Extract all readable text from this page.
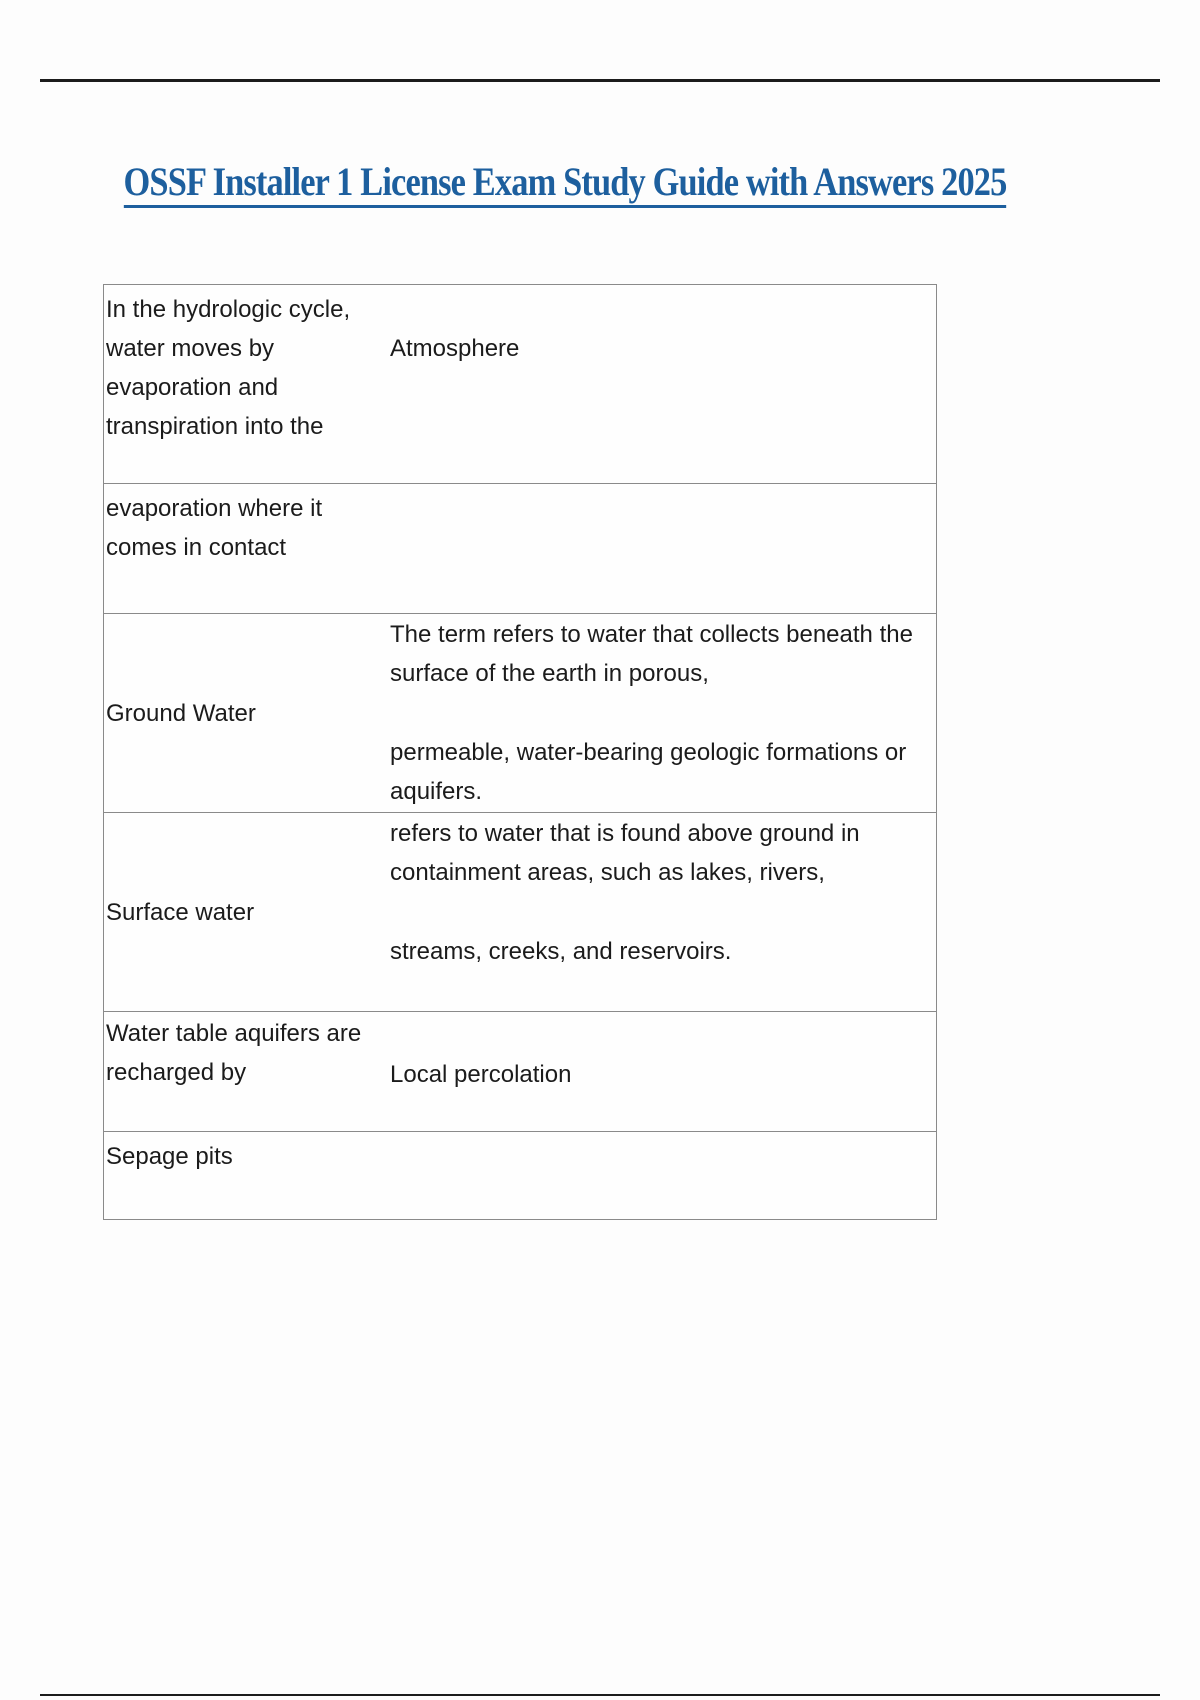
OSSF Installer 1 License Exam Study Guide with Answers 2025
In the hydrologic cycle, water moves by
evaporation and transpiration into the	Atmosphere

evaporation where it comes in contact	
Ground Water	The term refers to water that collects beneath the surface of the earth in porous,
permeable, water-bearing geologic formations or aquifers.

Surface water	refers to water that is found above ground in containment areas, such as lakes, rivers,
streams, creeks, and reservoirs.

Water table aquifers are recharged by	Local percolation

Sepage pits	
